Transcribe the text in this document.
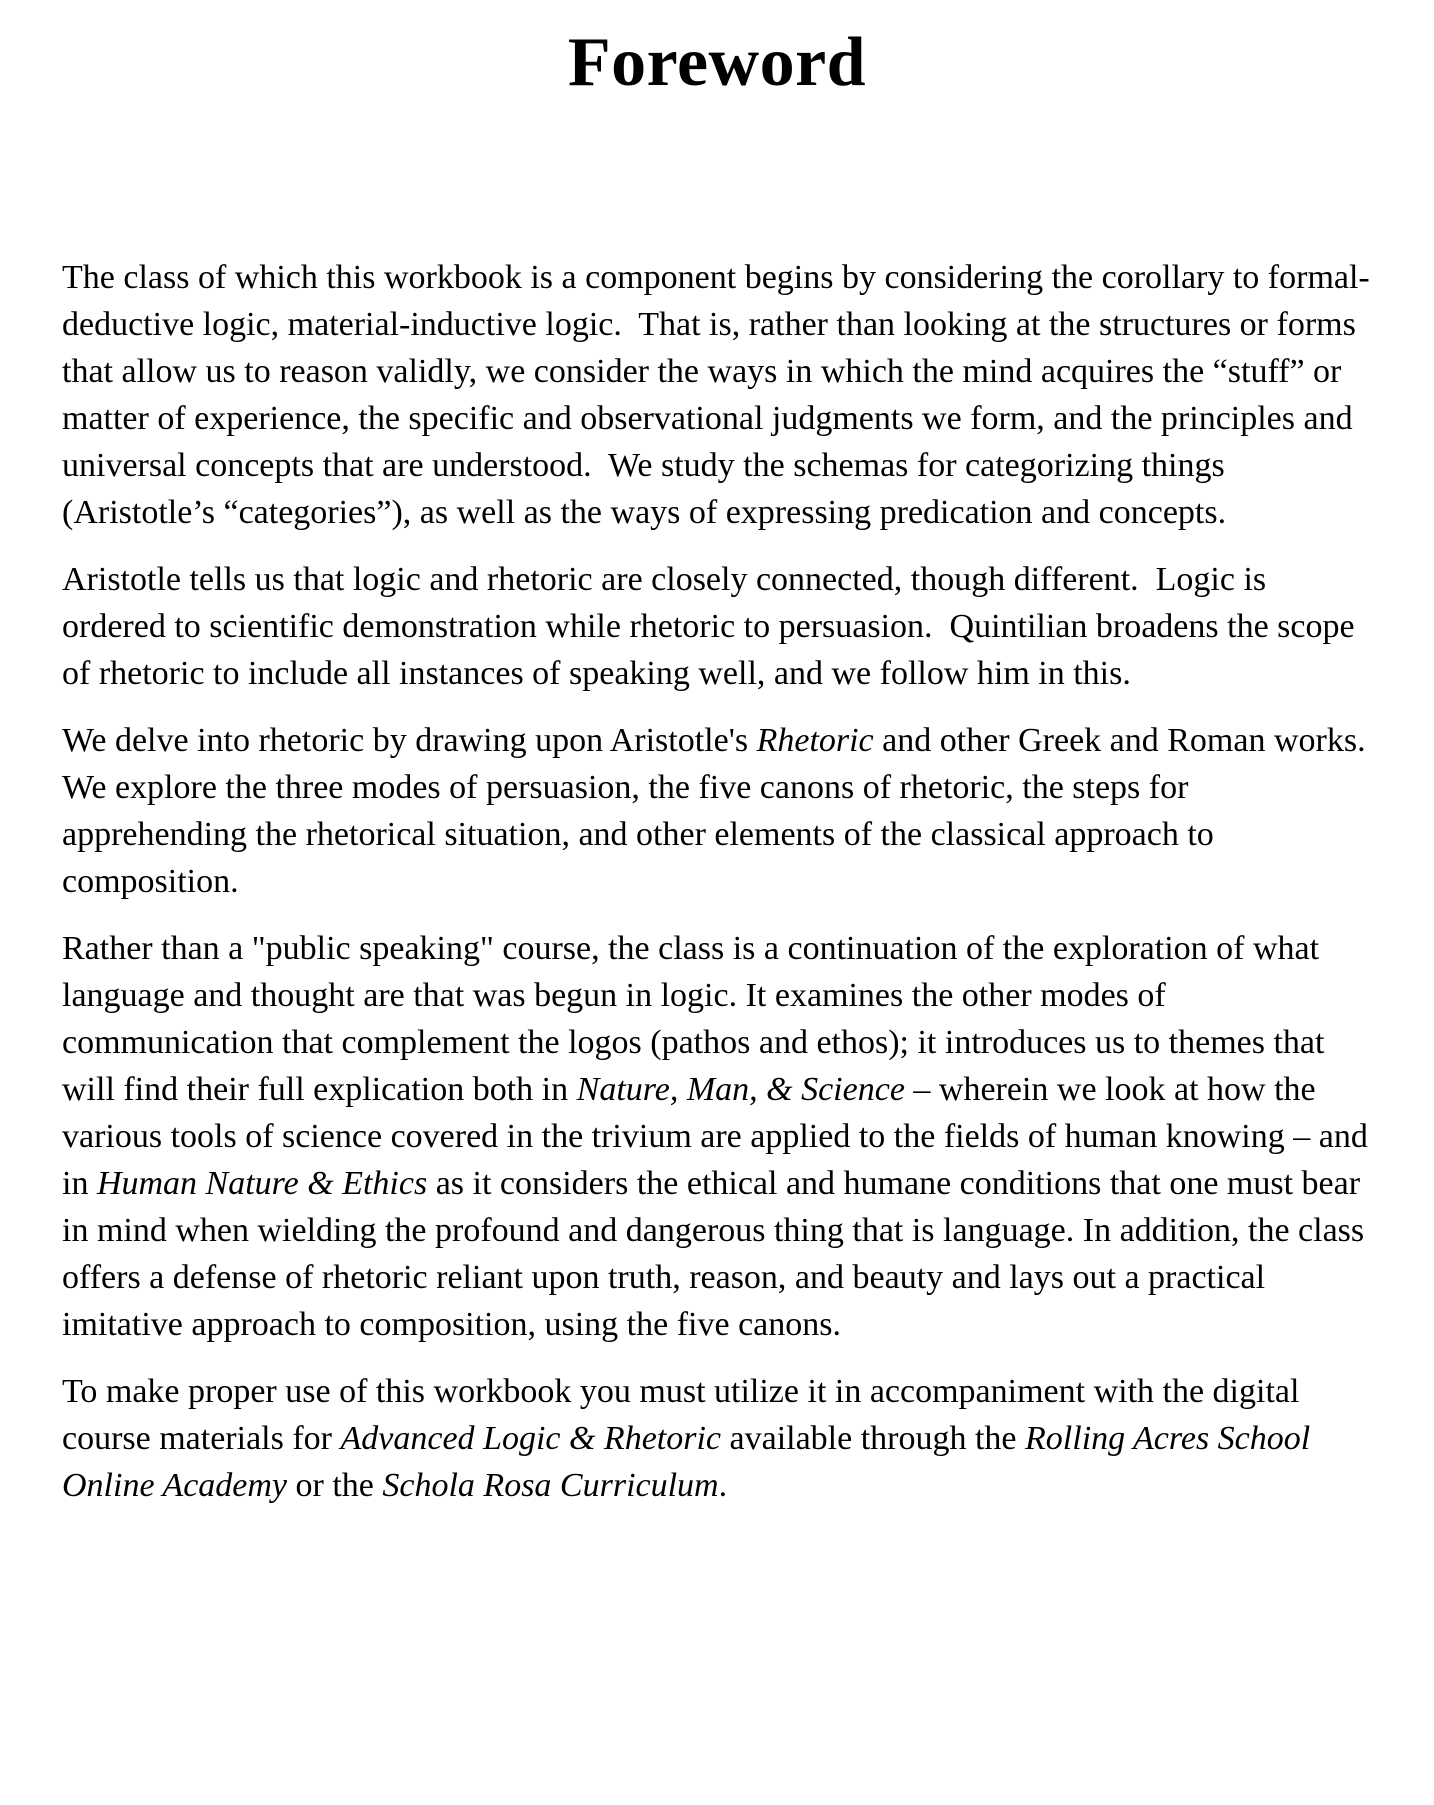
Foreword

The class of which this workbook is a component begins by considering the corollary to formal-deductive logic, material-inductive logic.  That is, rather than looking at the structures or forms that allow us to reason validly, we consider the ways in which the mind acquires the “stuff” or matter of experience, the specific and observational judgments we form, and the principles and universal concepts that are understood.  We study the schemas for categorizing things (Aristotle’s “categories”), as well as the ways of expressing predication and concepts.

Aristotle tells us that logic and rhetoric are closely connected, though different.  Logic is ordered to scientific demonstration while rhetoric to persuasion.  Quintilian broadens the scope of rhetoric to include all instances of speaking well, and we follow him in this.

We delve into rhetoric by drawing upon Aristotle's Rhetoric and other Greek and Roman works.  We explore the three modes of persuasion, the five canons of rhetoric, the steps for apprehending the rhetorical situation, and other elements of the classical approach to composition.

Rather than a "public speaking" course, the class is a continuation of the exploration of what language and thought are that was begun in logic. It examines the other modes of communication that complement the logos (pathos and ethos); it introduces us to themes that will find their full explication both in Nature, Man, & Science – wherein we look at how the various tools of science covered in the trivium are applied to the fields of human knowing – and in Human Nature & Ethics as it considers the ethical and humane conditions that one must bear in mind when wielding the profound and dangerous thing that is language. In addition, the class offers a defense of rhetoric reliant upon truth, reason, and beauty and lays out a practical imitative approach to composition, using the five canons.

To make proper use of this workbook you must utilize it in accompaniment with the digital course materials for Advanced Logic & Rhetoric available through the Rolling Acres School Online Academy or the Schola Rosa Curriculum.
